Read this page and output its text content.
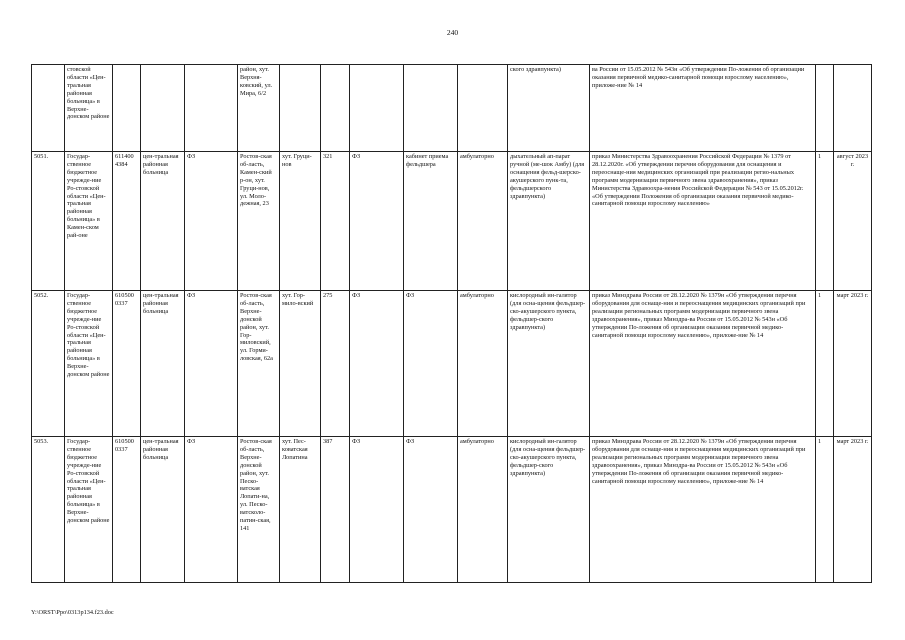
240
	стовской области «Цен-тральная районная больница» в Верхне-донском районе				район, хут. Верхня-ковский, ул. Мира, 6/2						ского здравпункта)	ва России от 15.05.2012 № 543н «Об утверждении По-ложения об организации оказания первичной медико-санитарной помощи взрослому населению», приложе-ние № 14		
5051.	Государ-ственное бюджетное учрежде-ние Ро-стовской области «Цен-тральная районная больница» в Камен-ском рай-оне	611400 4384	цен-тральная районная больница	ФЗ	Ростов-ская об-ласть, Камен-ский р-он, хут. Груци-нов, ул. Моло-дежная, 23	хут. Груци-нов	321	ФЗ	кабинет приема фельдшера	амбулаторно	дыхательный ап-парат ручной (ме-шок Амбу) (для оснащения фельд-шерско-акушерского пунк-та, фельдшерского здравпункта)	приказ Министерства Здравоохранения Российской Федерации № 1379 от 28.12.2020г. «Об утверждении перечня оборудования для оснащения и переоснаще-ния медицинских организаций при реализации регио-нальных программ модернизации первичного звена здравоохранения», приказ Министерства Здравоохра-нения Российской Федерации № 543 от 15.05.2012г. «Об утверждении Положения об организации оказания первичной медико-санитарной помощи взрослому населению»	1	август 2023 г.
5052.	Государ-ственное бюджетное учрежде-ние Ро-стовской области «Цен-тральная районная больница» в Верхне-донском районе	610500 0337	цен-тральная районная больница	ФЗ	Ростов-ская об-ласть, Верхне-донской район, хут. Гор-миловский, ул. Горми-ловская, 62а	хут. Гор-мило-вский	275	ФЗ	ФЗ	амбулаторно	кислородный ин-галятор (для осна-щения фельдшер-ско-акушерского пункта, фельдшер-ского здравпункта)	приказ Минздрава России от 28.12.2020 № 1379н «Об утверждении перечня оборудования для оснаще-ния и переоснащения медицинских организаций при реализации региональных программ модернизации первичного звена здравоохранения», приказ Минздра-ва России от 15.05.2012 № 543н «Об утверждении По-ложения об организации оказания первичной медико-санитарной помощи взрослому населению», приложе-ние № 14	1	март 2023 г.
5053.	Государ-ственное бюджетное учрежде-ние Ро-стовской области «Цен-тральная районная больница» в Верхне-донском районе	610500 0337	цен-тральная районная больница	ФЗ	Ростов-ская об-ласть, Верхне-донской район, хут. Песко-ватская Лопати-на, ул. Песко-ватсколо-патин-ская, 141	хут. Пес-коватская Лопатина	387	ФЗ	ФЗ	амбулаторно	кислородный ин-галятор (для осна-щения фельдшер-ско-акушерского пункта, фельдшер-ского здравпункта)	приказ Минздрава России от 28.12.2020 № 1379н «Об утверждении перечня оборудования для оснаще-ния и переоснащения медицинских организаций при реализации региональных программ модернизации первичного звена здравоохранения», приказ Минздра-ва России от 15.05.2012 № 543н «Об утверждении По-ложения об организации оказания первичной медико-санитарной помощи взрослому населению», приложе-ние № 14	1	март 2023 г.
Y:\ORST\Ppo\0313p134.f23.doc
